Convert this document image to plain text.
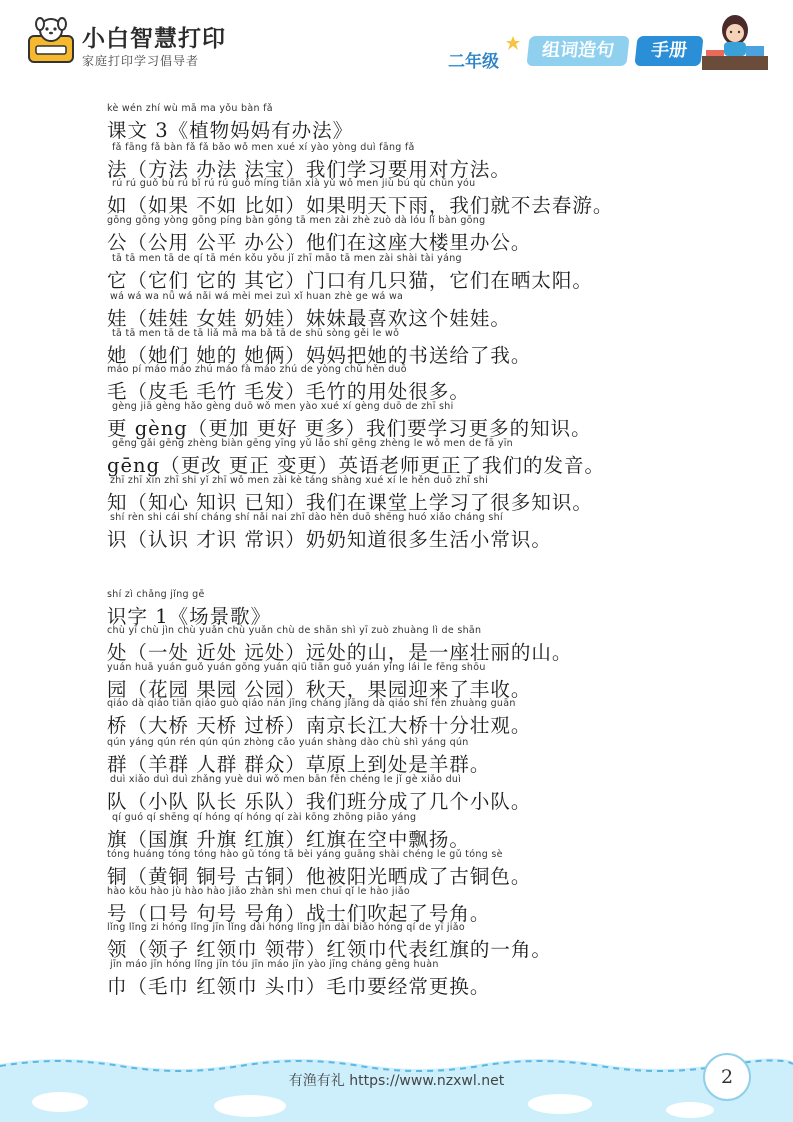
小白智慧打印
家庭打印学习倡导者	二年级
组词造句	手册
kè wén zhí wù mā ma yǒu bàn fǎ
课文 3《植物妈妈有办法》
fǎ fāng fǎ bàn fǎ fǎ bǎo wǒ men xué xí yào yòng duì fāng fǎ
法（方法 办法 法宝）我们学习要用对方法。
rú rú guǒ bù rú bǐ rú rú guǒ míng tiān xià yǔ wǒ men jiù bú qù chūn yóu
如（如果 不如 比如）如果明天下雨，我们就不去春游。
gōng gōng yòng gōng píng bàn gōng tā men zài zhè zuò dà lóu lǐ bàn gōng
公（公用 公平 办公）他们在这座大楼里办公。
tā tā men tā de qí tā mén kǒu yǒu jǐ zhī māo tā men zài shài tài yáng
它（它们 它的 其它）门口有几只猫，它们在晒太阳。
wá wá wa nǚ wá nǎi wá mèi mei zuì xǐ huan zhè ge wá wa
娃（娃娃 女娃 奶娃）妹妹最喜欢这个娃娃。
tā tā men tā de tā liǎ mā ma bǎ tā de shū sòng gěi le wǒ
她（她们 她的 她俩）妈妈把她的书送给了我。
máo pí máo máo zhú máo fà máo zhú de yòng chǔ hěn duō
毛（皮毛 毛竹 毛发）毛竹的用处很多。
gèng jiā gèng hǎo gèng duō wǒ men yào xué xí gèng duō de zhī shi
更 gèng（更加 更好 更多）我们要学习更多的知识。
gēng gǎi gēng zhèng biàn gēng yīng yǔ lǎo shī gēng zhèng le wǒ men de fā yīn
gēng（更改 更正 变更）英语老师更正了我们的发音。
zhī zhī xīn zhī shi yǐ zhī wǒ men zài kè táng shàng xué xí le hěn duō zhī shi
知（知心 知识 已知）我们在课堂上学习了很多知识。
shí rèn shi cái shí cháng shí nǎi nai zhī dào hěn duō shēng huó xiǎo cháng shí
识（认识 才识 常识）奶奶知道很多生活小常识。
shí zì chǎng jǐng gē
识字 1《场景歌》
chù yī chù jìn chù yuǎn chù yuǎn chù de shān shì yī zuò zhuàng lì de shān
处（一处 近处 远处）远处的山，是一座壮丽的山。
yuán huā yuán guǒ yuán gōng yuán qiū tiān guǒ yuán yíng lái le fēng shōu
园（花园 果园 公园）秋天，果园迎来了丰收。
qiáo dà qiáo tiān qiáo guò qiáo nán jīng cháng jiāng dà qiáo shí fēn zhuàng guān
桥（大桥 天桥 过桥）南京长江大桥十分壮观。
qún yáng qún rén qún qún zhòng cǎo yuán shàng dào chù shì yáng qún
群（羊群 人群 群众）草原上到处是羊群。
duì xiǎo duì duì zhǎng yuè duì wǒ men bān fēn chéng le jǐ gè xiǎo duì
队（小队 队长 乐队）我们班分成了几个小队。
qí guó qí shēng qí hóng qí hóng qí zài kōng zhōng piāo yáng
旗（国旗 升旗 红旗）红旗在空中飘扬。
tóng huáng tóng tóng hào gǔ tóng tā bèi yáng guāng shài chéng le gǔ tóng sè
铜（黄铜 铜号 古铜）他被阳光晒成了古铜色。
hào kǒu hào jù hào hào jiǎo zhàn shì men chuī qǐ le hào jiǎo
号（口号 句号 号角）战士们吹起了号角。
lǐng lǐng zi hóng lǐng jīn lǐng dài hóng lǐng jīn dài biǎo hóng qí de yī jiǎo
领（领子 红领巾 领带）红领巾代表红旗的一角。
jīn máo jīn hóng lǐng jīn tóu jīn máo jīn yào jīng cháng gēng huàn
巾（毛巾 红领巾 头巾）毛巾要经常更换。
有渔有礼 https://www.nzxwl.net	2
